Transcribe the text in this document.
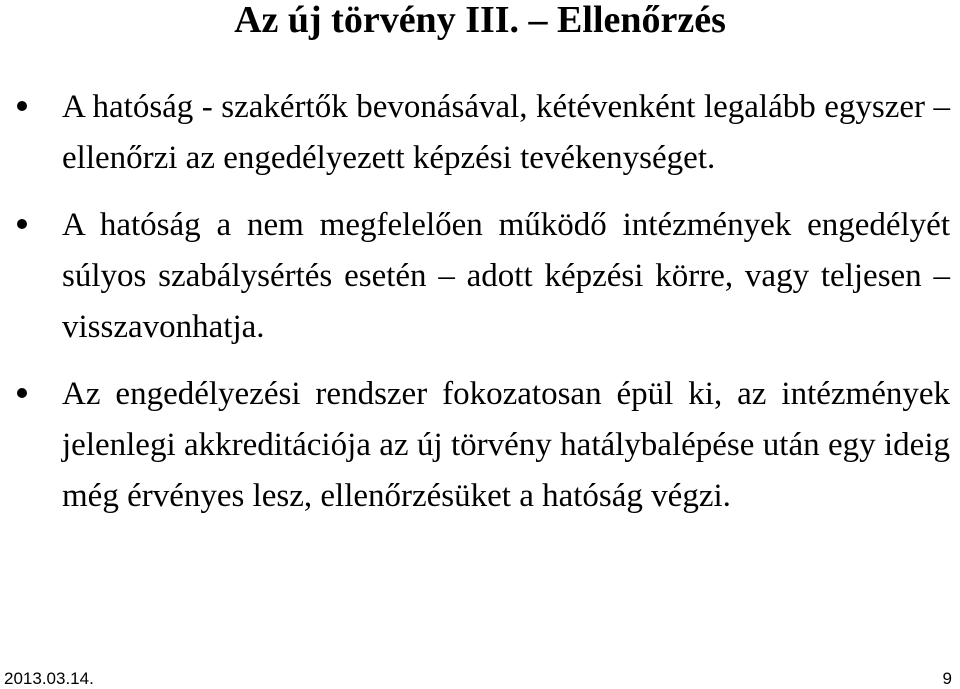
Az új törvény III. – Ellenőrzés
A hatóság - szakértők bevonásával, kétévenként legalább egyszer – ellenőrzi az engedélyezett képzési tevékenységet.
A hatóság a nem megfelelően működő intézmények engedélyét súlyos szabálysértés esetén – adott képzési körre, vagy teljesen – visszavonhatja.
Az engedélyezési rendszer fokozatosan épül ki, az intézmények jelenlegi akkreditációja az új törvény hatálybalépése után egy ideig még érvényes lesz, ellenőrzésüket a hatóság végzi.
2013.03.14.	9
